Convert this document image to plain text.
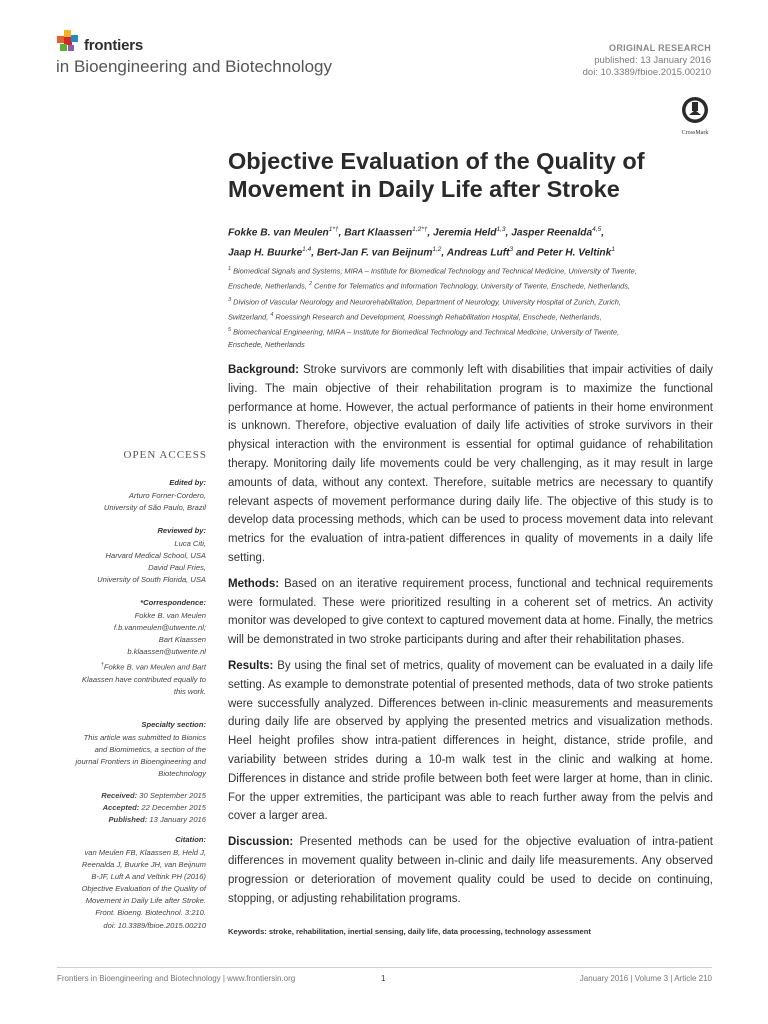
frontiers
in Bioengineering and Biotechnology
ORIGINAL RESEARCH
published: 13 January 2016
doi: 10.3389/fbioe.2015.00210
CrossMark
Objective Evaluation of the Quality of
Movement in Daily Life after Stroke
Fokke B. van Meulen$^{1*\dagger}$, Bart Klaassen$^{1,2*\dagger}$, Jeremia Held$^{1,3}$, Jasper Reenalda$^{4,5}$,
Jaap H. Buurke$^{1,4}$, Bert-Jan F. van Beijnum$^{1,2}$, Andreas Luft$^3$ and Peter H. Veltink$^1$
$^1$ Biomedical Signals and Systems, MIRA – Institute for Biomedical Technology and Technical Medicine, University of Twente,
Enschede, Netherlands, $^2$ Centre for Telematics and Information Technology, University of Twente, Enschede, Netherlands,
$^3$ Division of Vascular Neurology and Neurorehabilitation, Department of Neurology, University Hospital of Zurich, Zurich,
Switzerland, $^4$ Roessingh Research and Development, Roessingh Rehabilitation Hospital, Enschede, Netherlands,
$^5$ Biomechanical Engineering, MIRA – Institute for Biomedical Technology and Technical Medicine, University of Twente,
Enschede, Netherlands
OPEN ACCESS
Edited by:
Arturo Forner-Cordero,
University of São Paulo, Brazil
Reviewed by:
Luca Citi,
Harvard Medical School, USA
David Paul Fries,
University of South Florida, USA
*Correspondence:
Fokke B. van Meulen
f.b.vanmeulen@utwente.nl;
Bart Klaassen
b.klaassen@utwente.nl
†Fokke B. van Meulen and Bart
Klaassen have contributed equally to
this work.
Specialty section:
This article was submitted to Bionics
and Biomimetics, a section of the
journal Frontiers in Bioengineering and
Biotechnology
Received: 30 September 2015
Accepted: 22 December 2015
Published: 13 January 2016
Citation:
van Meulen FB, Klaassen B, Held J,
Reenalda J, Buurke JH, van Beijnum
B-JF, Luft A and Veltink PH (2016)
Objective Evaluation of the Quality of
Movement in Daily Life after Stroke.
Front. Bioeng. Biotechnol. 3:210.
doi: 10.3389/fbioe.2015.00210

Background: Stroke survivors are commonly left with disabilities that impair activities of daily living. The main objective of their rehabilitation program is to maximize the functional performance at home. However, the actual performance of patients in their home environment is unknown. Therefore, objective evaluation of daily life activities of stroke survivors in their physical interaction with the environment is essential for optimal guidance of rehabilitation therapy. Monitoring daily life movements could be very challenging, as it may result in large amounts of data, without any context. Therefore, suitable metrics are necessary to quantify relevant aspects of movement performance during daily life. The objective of this study is to develop data processing methods, which can be used to process movement data into relevant metrics for the evaluation of intra-patient differences in quality of movements in a daily life setting.

Methods: Based on an iterative requirement process, functional and technical requirements were formulated. These were prioritized resulting in a coherent set of metrics. An activity monitor was developed to give context to captured movement data at home. Finally, the metrics will be demonstrated in two stroke participants during and after their rehabilitation phases.

Results: By using the final set of metrics, quality of movement can be evaluated in a daily life setting. As example to demonstrate potential of presented methods, data of two stroke patients were successfully analyzed. Differences between in-clinic measurements and measurements during daily life are observed by applying the presented metrics and visualization methods. Heel height profiles show intra-patient differences in height, distance, stride profile, and variability between strides during a 10-m walk test in the clinic and walking at home. Differences in distance and stride profile between both feet were larger at home, than in clinic. For the upper extremities, the participant was able to reach further away from the pelvis and cover a larger area.

Discussion: Presented methods can be used for the objective evaluation of intra-patient differences in movement quality between in-clinic and daily life measurements. Any observed progression or deterioration of movement quality could be used to decide on continuing, stopping, or adjusting rehabilitation programs.

Keywords: stroke, rehabilitation, inertial sensing, daily life, data processing, technology assessment
Frontiers in Bioengineering and Biotechnology | www.frontiersin.org	1	January 2016 | Volume 3 | Article 210
